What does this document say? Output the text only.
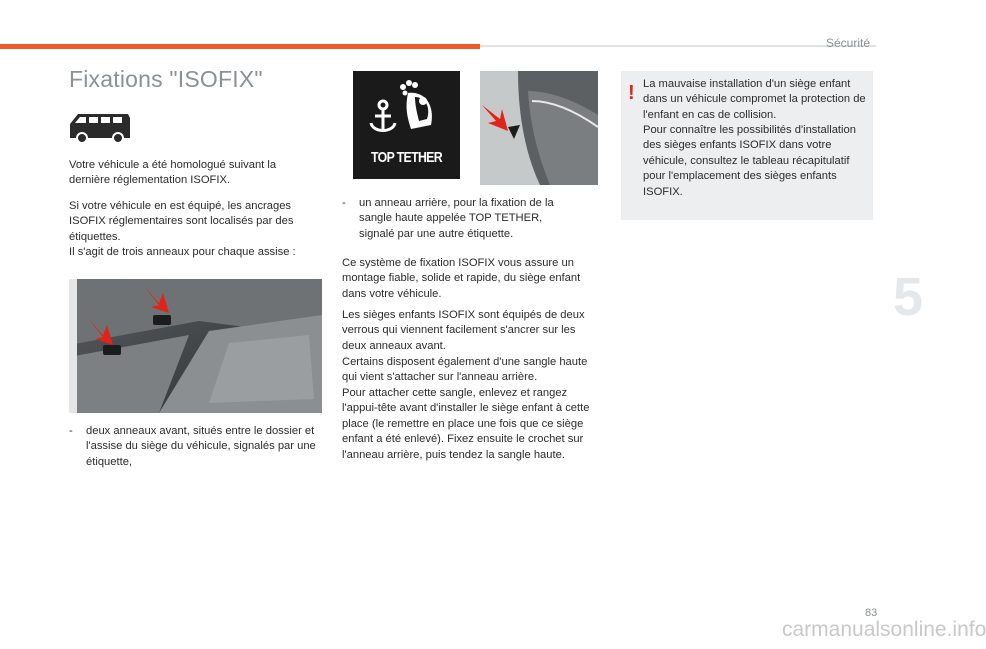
Sécurité
5
Fixations "ISOFIX"

Votre véhicule a été homologué suivant la dernière réglementation ISOFIX.

Si votre véhicule en est équipé, les ancrages ISOFIX réglementaires sont localisés par des étiquettes.

Il s'agit de trois anneaux pour chaque assise :

- deux anneaux avant, situés entre le dossier et l'assise du siège du véhicule, signalés par une étiquette,
TOP TETHER
- un anneau arrière, pour la fixation de la sangle haute appelée TOP TETHER, signalé par une autre étiquette.

Ce système de fixation ISOFIX vous assure un montage fiable, solide et rapide, du siège enfant dans votre véhicule.

Les sièges enfants ISOFIX sont équipés de deux verrous qui viennent facilement s'ancrer sur les deux anneaux avant.

Certains disposent également d'une sangle haute qui vient s'attacher sur l'anneau arrière.

Pour attacher cette sangle, enlevez et rangez l'appui-tête avant d'installer le siège enfant à cette place (le remettre en place une fois que ce siège enfant a été enlevé). Fixez ensuite le crochet sur l'anneau arrière, puis tendez la sangle haute.

! La mauvaise installation d'un siège enfant dans un véhicule compromet la protection de l'enfant en cas de collision.

Pour connaître les possibilités d'installation des sièges enfants ISOFIX dans votre véhicule, consultez le tableau récapitulatif pour l'emplacement des sièges enfants ISOFIX.

83
carmanualsonline.info
